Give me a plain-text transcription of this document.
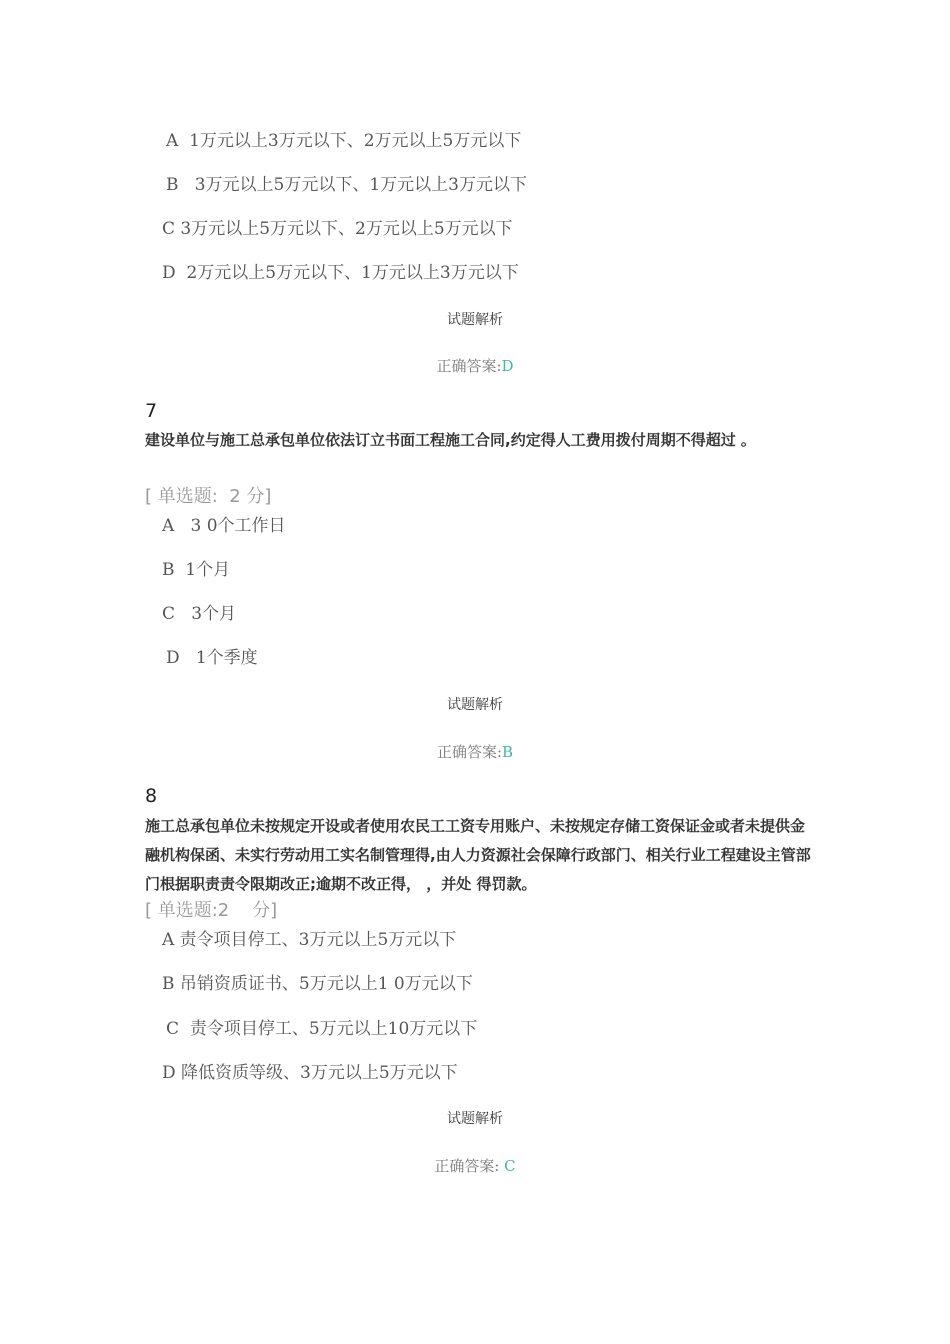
A  1万元以上3万元以下、2万元以上5万元以下
B   3万元以上5万元以下、1万元以上3万元以下
C 3万元以上5万元以下、2万元以上5万元以下
D  2万元以上5万元以下、1万元以上3万元以下
试题解析
正确答案:D
7
建设单位与施工总承包单位依法订立书面工程施工合同,约定得人工费用拨付周期不得超过 。
[ 单选题:  2 分]
A   3 0个工作日
B  1个月
C   3个月
D   1个季度
试题解析
正确答案:B
8
施工总承包单位未按规定开设或者使用农民工工资专用账户、未按规定存储工资保证金或者未提供金融机构保函、未实行劳动用工实名制管理得,由人力资源社会保障行政部门、相关行业工程建设主管部门根据职责责令限期改正;逾期不改正得， ，并处 得罚款。
[ 单选题:2    分]
A 责令项目停工、3万元以上5万元以下
B 吊销资质证书、5万元以上1 0万元以下
C  责令项目停工、5万元以上10万元以下
D 降低资质等级、3万元以上5万元以下
试题解析
正确答案: C
